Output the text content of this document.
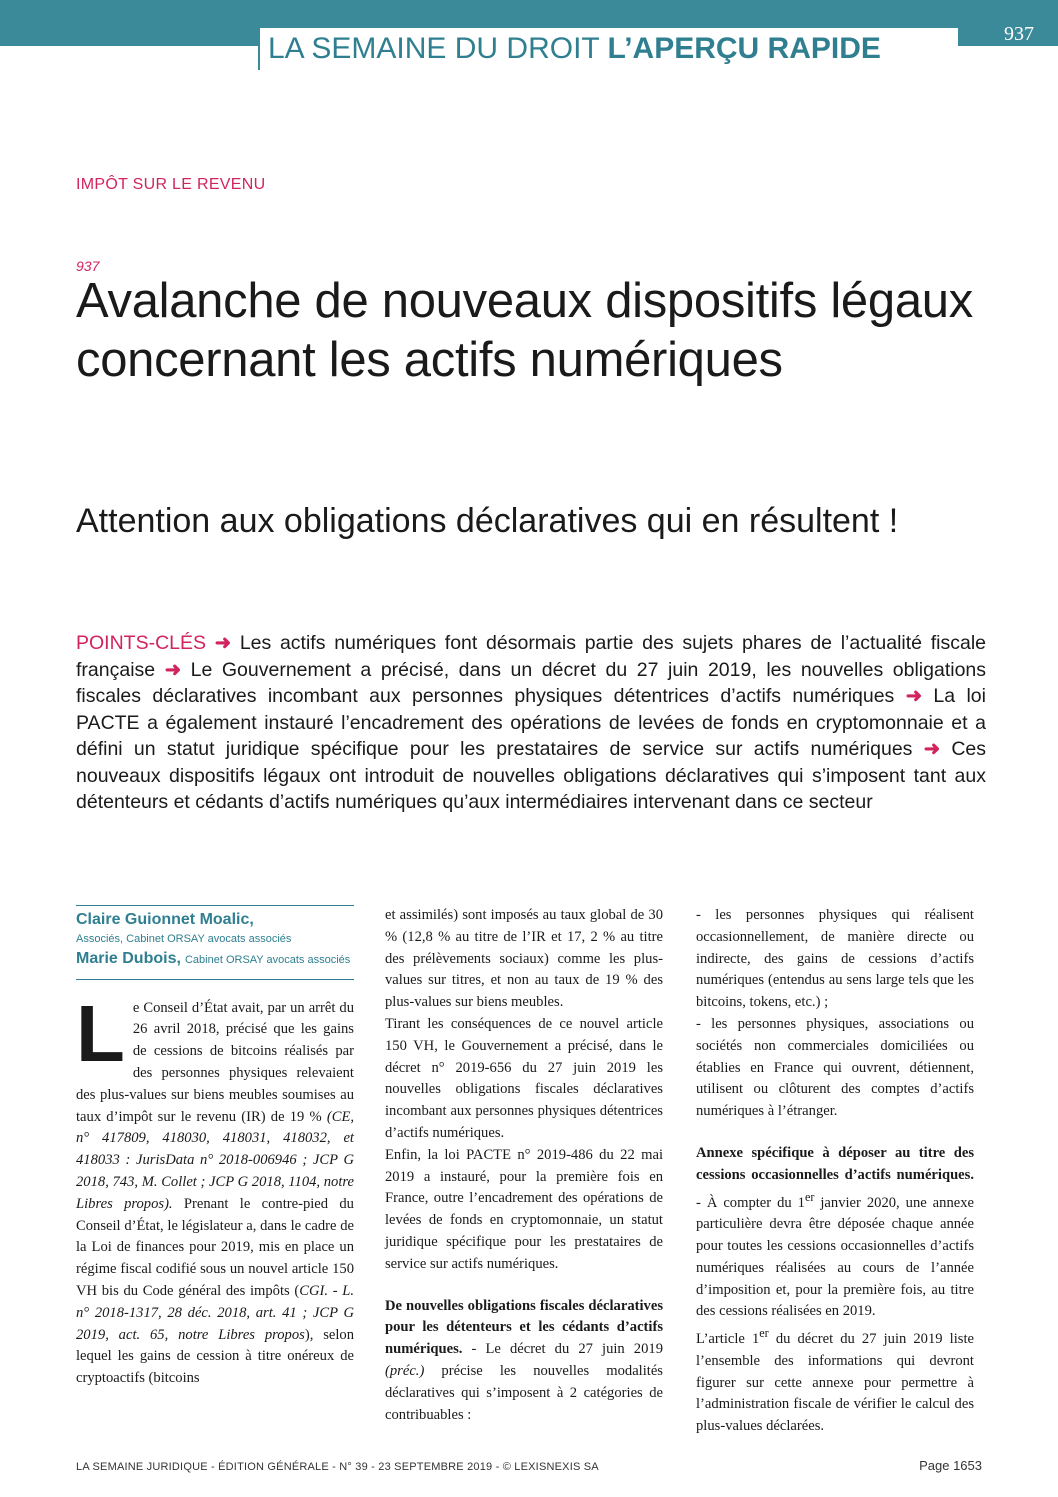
LA SEMAINE DU DROIT L’APERÇU RAPIDE	937
IMPÔT SUR LE REVENU
937
Avalanche de nouveaux dispositifs légaux concernant les actifs numériques
Attention aux obligations déclaratives qui en résultent !
POINTS-CLÉS ➜ Les actifs numériques font désormais partie des sujets phares de l’actualité fiscale française ➜ Le Gouvernement a précisé, dans un décret du 27 juin 2019, les nouvelles obligations fiscales déclaratives incombant aux personnes physiques détentrices d’actifs numériques ➜ La loi PACTE a également instauré l’encadrement des opérations de levées de fonds en cryptomonnaie et a défini un statut juridique spécifique pour les prestataires de service sur actifs numériques ➜ Ces nouveaux dispositifs légaux ont introduit de nouvelles obligations déclaratives qui s’imposent tant aux détenteurs et cédants d’actifs numériques qu’aux intermédiaires intervenant dans ce secteur
Claire Guionnet Moalic,
Associés, Cabinet ORSAY avocats associés
Marie Dubois, Cabinet ORSAY avocats associés

Le Conseil d’État avait, par un arrêt du 26 avril 2018, précisé que les gains de cessions de bitcoins réalisés par des personnes physiques relevaient des plus-values sur biens meubles soumises au taux d’impôt sur le revenu (IR) de 19 % (CE, n° 417809, 418030, 418031, 418032, et 418033 : JurisData n° 2018-006946 ; JCP G 2018, 743, M. Collet ; JCP G 2018, 1104, notre Libres propos). Prenant le contre-pied du Conseil d’État, le législateur a, dans le cadre de la Loi de finances pour 2019, mis en place un régime fiscal codifié sous un nouvel article 150 VH bis du Code général des impôts (CGI. - L. n° 2018-1317, 28 déc. 2018, art. 41 ; JCP G 2019, act. 65, notre Libres propos), selon lequel les gains de cession à titre onéreux de cryptoactifs (bitcoins

et assimilés) sont imposés au taux global de 30 % (12,8 % au titre de l’IR et 17, 2 % au titre des prélèvements sociaux) comme les plus-values sur titres, et non au taux de 19 % des plus-values sur biens meubles.

Tirant les conséquences de ce nouvel article 150 VH, le Gouvernement a précisé, dans le décret n° 2019-656 du 27 juin 2019 les nouvelles obligations fiscales déclaratives incombant aux personnes physiques détentrices d’actifs numériques.

Enfin, la loi PACTE n° 2019-486 du 22 mai 2019 a instauré, pour la première fois en France, outre l’encadrement des opérations de levées de fonds en cryptomonnaie, un statut juridique spécifique pour les prestataires de service sur actifs numériques.

De nouvelles obligations fiscales déclaratives pour les détenteurs et les cédants d’actifs numériques. - Le décret du 27 juin 2019 (préc.) précise les nouvelles modalités déclaratives qui s’imposent à 2 catégories de contribuables :

- les personnes physiques qui réalisent occasionnellement, de manière directe ou indirecte, des gains de cessions d’actifs numériques (entendus au sens large tels que les bitcoins, tokens, etc.) ;

- les personnes physiques, associations ou sociétés non commerciales domiciliées ou établies en France qui ouvrent, détiennent, utilisent ou clôturent des comptes d’actifs numériques à l’étranger.

Annexe spécifique à déposer au titre des cessions occasionnelles d’actifs numériques. - À compter du 1er janvier 2020, une annexe particulière devra être déposée chaque année pour toutes les cessions occasionnelles d’actifs numériques réalisées au cours de l’année d’imposition et, pour la première fois, au titre des cessions réalisées en 2019.

L’article 1er du décret du 27 juin 2019 liste l’ensemble des informations qui devront figurer sur cette annexe pour permettre à l’administration fiscale de vérifier le calcul des plus-values déclarées.

LA SEMAINE JURIDIQUE - ÉDITION GÉNÉRALE - N° 39 - 23 SEPTEMBRE 2019 - © LEXISNEXIS SA	Page 1653
